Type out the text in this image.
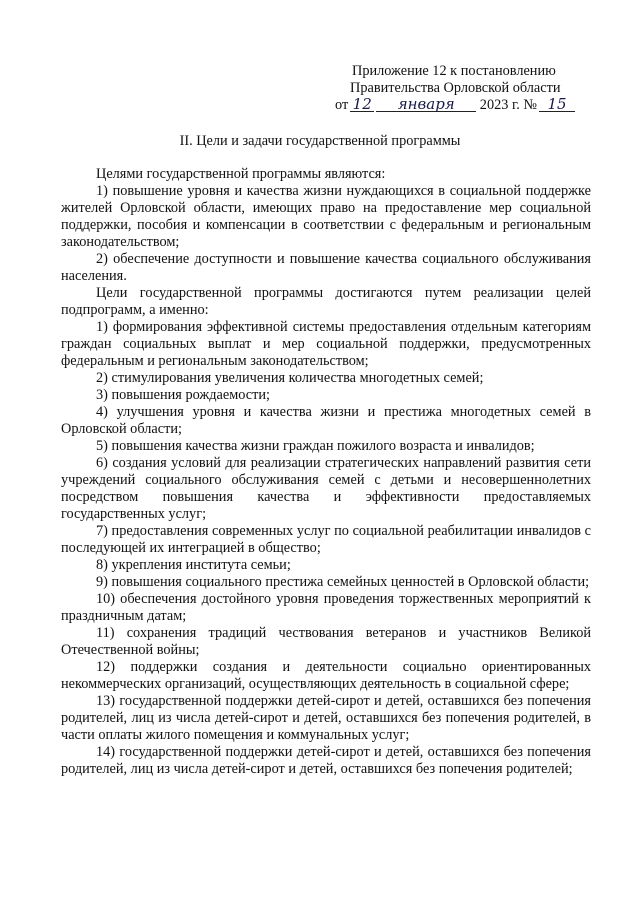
Приложение 12 к постановлению
Правительства Орловской области
от 12 января 2023 г. № 15
II. Цели и задачи государственной программы

Целями государственной программы являются:

1) повышение уровня и качества жизни нуждающихся в социальной поддержке жителей Орловской области, имеющих право на предоставление мер социальной поддержки, пособия и компенсации в соответствии с федеральным и региональным законодательством;

2) обеспечение доступности и повышение качества социального обслуживания населения.

Цели государственной программы достигаются путем реализации целей подпрограмм, а именно:

1) формирования эффективной системы предоставления отдельным категориям граждан социальных выплат и мер социальной поддержки, предусмотренных федеральным и региональным законодательством;

2) стимулирования увеличения количества многодетных семей;

3) повышения рождаемости;

4) улучшения уровня и качества жизни и престижа многодетных семей в Орловской области;

5) повышения качества жизни граждан пожилого возраста и инвалидов;

6) создания условий для реализации стратегических направлений развития сети учреждений социального обслуживания семей с детьми и несовершеннолетних посредством повышения качества и эффективности предоставляемых государственных услуг;

7) предоставления современных услуг по социальной реабилитации инвалидов с последующей их интеграцией в общество;

8) укрепления института семьи;

9) повышения социального престижа семейных ценностей в Орловской области;

10) обеспечения достойного уровня проведения торжественных мероприятий к праздничным датам;

11) сохранения традиций чествования ветеранов и участников Великой Отечественной войны;

12) поддержки создания и деятельности социально ориентированных некоммерческих организаций, осуществляющих деятельность в социальной сфере;

13) государственной поддержки детей-сирот и детей, оставшихся без попечения родителей, лиц из числа детей-сирот и детей, оставшихся без попечения родителей, в части оплаты жилого помещения и коммунальных услуг;

14) государственной поддержки детей-сирот и детей, оставшихся без попечения родителей, лиц из числа детей-сирот и детей, оставшихся без попечения родителей;
